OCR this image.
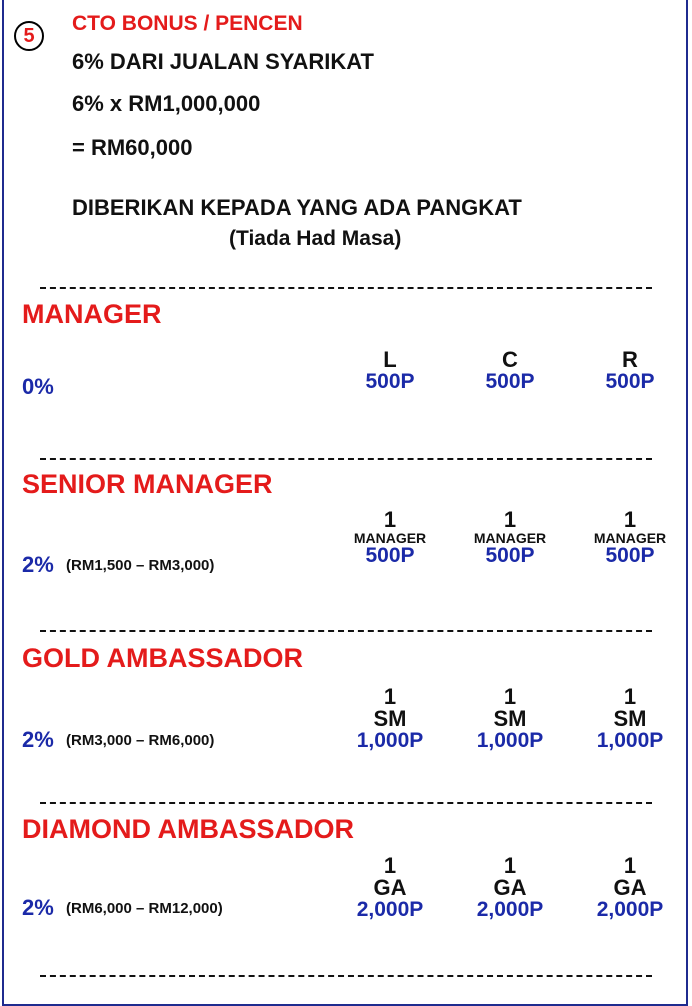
5
CTO BONUS / PENCEN
6% DARI JUALAN SYARIKAT
6% x RM1,000,000
= RM60,000
DIBERIKAN KEPADA YANG ADA PANGKAT
(Tiada Had Masa)
MANAGER
0%
L
500P
C
500P
R
500P
SENIOR MANAGER
2% (RM1,500 – RM3,000)
1
MANAGER
500P
1
MANAGER
500P
1
MANAGER
500P
GOLD AMBASSADOR
2% (RM3,000 – RM6,000)
1
SM
1,000P
1
SM
1,000P
1
SM
1,000P
DIAMOND AMBASSADOR
2% (RM6,000 – RM12,000)
1
GA
2,000P
1
GA
2,000P
1
GA
2,000P
